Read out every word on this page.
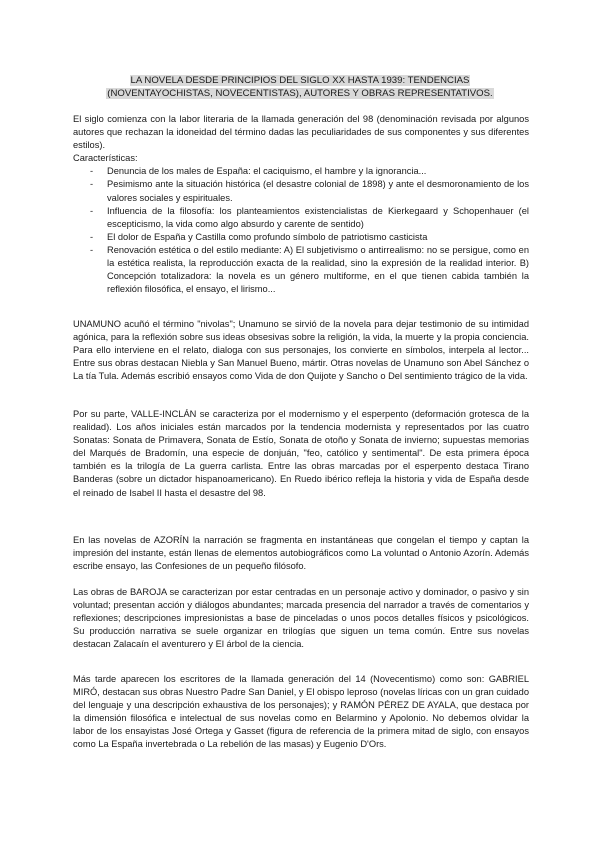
LA NOVELA DESDE PRINCIPIOS DEL SIGLO XX HASTA 1939: TENDENCIAS
(NOVENTAYOCHISTAS, NOVECENTISTAS), AUTORES Y OBRAS REPRESENTATIVOS.

El siglo comienza con la labor literaria de la llamada generación del 98 (denominación revisada por algunos autores que rechazan la idoneidad del término dadas las peculiaridades de sus componentes y sus diferentes estilos).

Características:

- Denuncia de los males de España: el caciquismo, el hambre y la ignorancia...
- Pesimismo ante la situación histórica (el desastre colonial de 1898) y ante el desmoronamiento de los valores sociales y espirituales.
- Influencia de la filosofía: los planteamientos existencialistas de Kierkegaard y Schopenhauer (el escepticismo, la vida como algo absurdo y carente de sentido)
- El dolor de España y Castilla como profundo símbolo de patriotismo casticista
- Renovación estética o del estilo mediante: A) El subjetivismo o antirrealismo: no se persigue, como en la estética realista, la reproducción exacta de la realidad, sino la expresión de la realidad interior. B) Concepción totalizadora: la novela es un género multiforme, en el que tienen cabida también la reflexión filosófica, el ensayo, el lirismo...

UNAMUNO acuñó el término "nivolas"; Unamuno se sirvió de la novela para dejar testimonio de su intimidad agónica, para la reflexión sobre sus ideas obsesivas sobre la religión, la vida, la muerte y la propia conciencia. Para ello interviene en el relato, dialoga con sus personajes, los convierte en símbolos, interpela al lector... Entre sus obras destacan Niebla y San Manuel Bueno, mártir. Otras novelas de Unamuno son Abel Sánchez o La tía Tula. Además escribió ensayos como Vida de don Quijote y Sancho o Del sentimiento trágico de la vida.

Por su parte, VALLE-INCLÁN se caracteriza por el modernismo y el esperpento (deformación grotesca de la realidad). Los años iniciales están marcados por la tendencia modernista y representados por las cuatro Sonatas: Sonata de Primavera, Sonata de Estío, Sonata de otoño y Sonata de invierno; supuestas memorias del Marqués de Bradomín, una especie de donjuán, "feo, católico y sentimental". De esta primera época también es la trilogía de La guerra carlista. Entre las obras marcadas por el esperpento destaca Tirano Banderas (sobre un dictador hispanoamericano). En Ruedo ibérico refleja la historia y vida de España desde el reinado de Isabel II hasta el desastre del 98.

En las novelas de AZORÍN la narración se fragmenta en instantáneas que congelan el tiempo y captan la impresión del instante, están llenas de elementos autobiográficos como La voluntad o Antonio Azorín. Además escribe ensayo, las Confesiones de un pequeño filósofo.

Las obras de BAROJA se caracterizan por estar centradas en un personaje activo y dominador, o pasivo y sin voluntad; presentan acción y diálogos abundantes; marcada presencia del narrador a través de comentarios y reflexiones; descripciones impresionistas a base de pinceladas o unos pocos detalles físicos y psicológicos. Su producción narrativa se suele organizar en trilogías que siguen un tema común. Entre sus novelas destacan Zalacaín el aventurero y El árbol de la ciencia.

Más tarde aparecen los escritores de la llamada generación del 14 (Novecentismo) como son: GABRIEL MIRÓ, destacan sus obras Nuestro Padre San Daniel, y El obispo leproso (novelas líricas con un gran cuidado del lenguaje y una descripción exhaustiva de los personajes); y RAMÓN PÉREZ DE AYALA, que destaca por la dimensión filosófica e intelectual de sus novelas como en Belarmino y Apolonio. No debemos olvidar la labor de los ensayistas José Ortega y Gasset (figura de referencia de la primera mitad de siglo, con ensayos como La España invertebrada o La rebelión de las masas) y Eugenio D'Ors.
